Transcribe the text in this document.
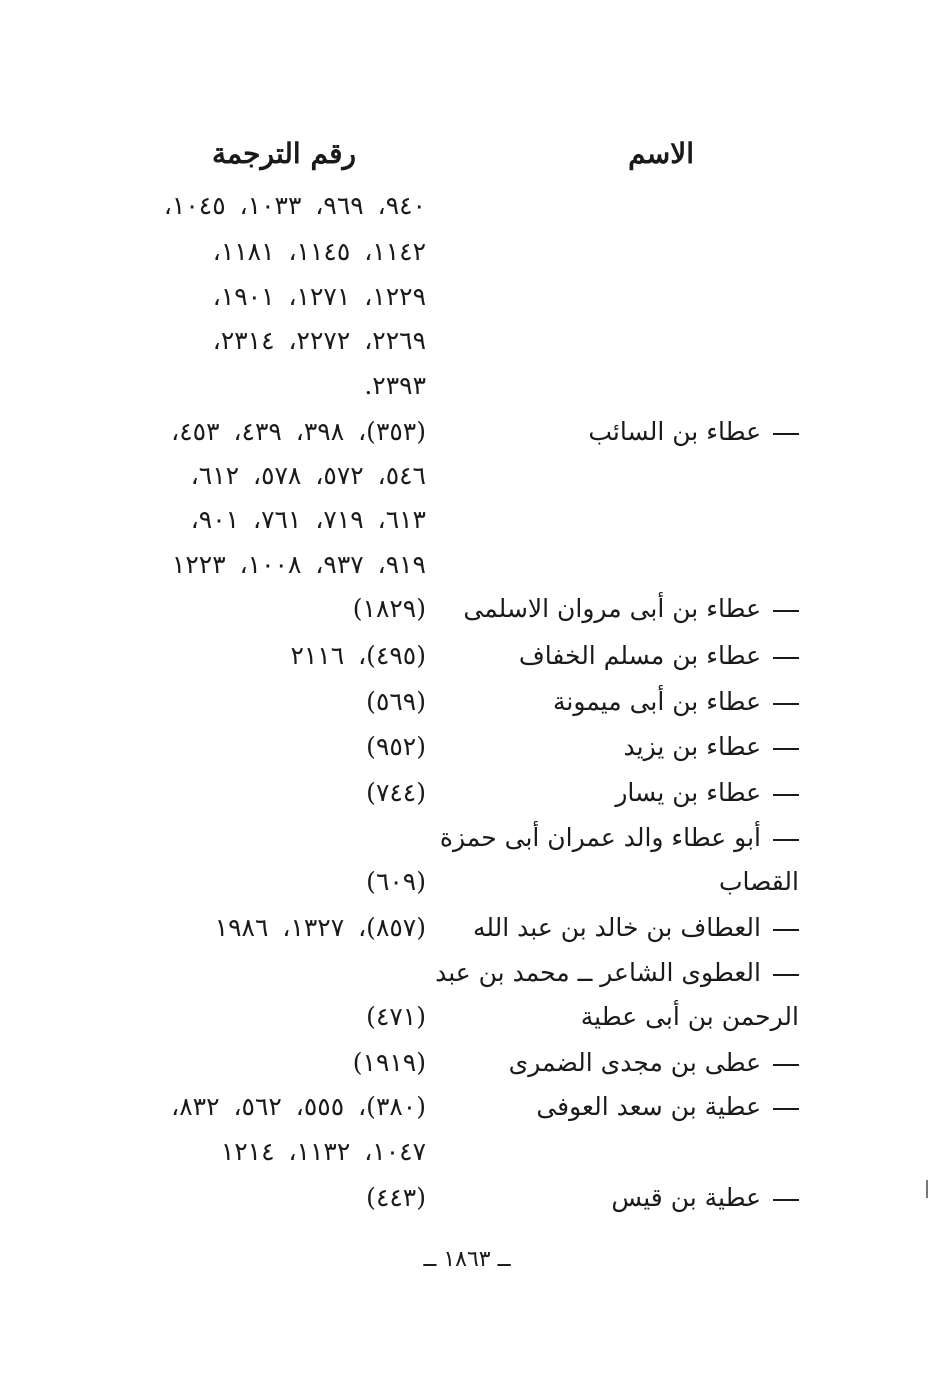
الاسم
رقم الترجمة
٩٤٠، ٩٦٩، ١٠٣٣، ١٠٤٥،
١١٤٢، ١١٤٥، ١١٨١،
١٢٢٩، ١٢٧١، ١٩٠١،
٢٢٦٩، ٢٢٧٢، ٢٣١٤،
٢٣٩٣.
عطاء بن السائب
(٣٥٣)، ٣٩٨، ٤٣٩، ٤٥٣،
٥٤٦، ٥٧٢، ٥٧٨، ٦١٢،
٦١٣، ٧١٩، ٧٦١، ٩٠١،
٩١٩، ٩٣٧، ١٠٠٨، ١٢٢٣
عطاء بن أبى مروان الاسلمى
(١٨٢٩)
عطاء بن مسلم الخفاف
(٤٩٥)، ٢١١٦
عطاء بن أبى ميمونة
(٥٦٩)
عطاء بن يزيد
(٩٥٢)
عطاء بن يسار
(٧٤٤)
أبو عطاء والد عمران أبى حمزة
القصاب
(٦٠٩)
العطاف بن خالد بن عبد الله
(٨٥٧)، ١٣٢٧، ١٩٨٦
العطوى الشاعر ــ محمد بن عبد
الرحمن بن أبى عطية
(٤٧١)
عطى بن مجدى الضمرى
(١٩١٩)
عطية بن سعد العوفى
(٣٨٠)، ٥٥٥، ٥٦٢، ٨٣٢،
١٠٤٧، ١١٣٢، ١٢١٤
عطية بن قيس
(٤٤٣)
ــ ١٨٦٣ ــ
